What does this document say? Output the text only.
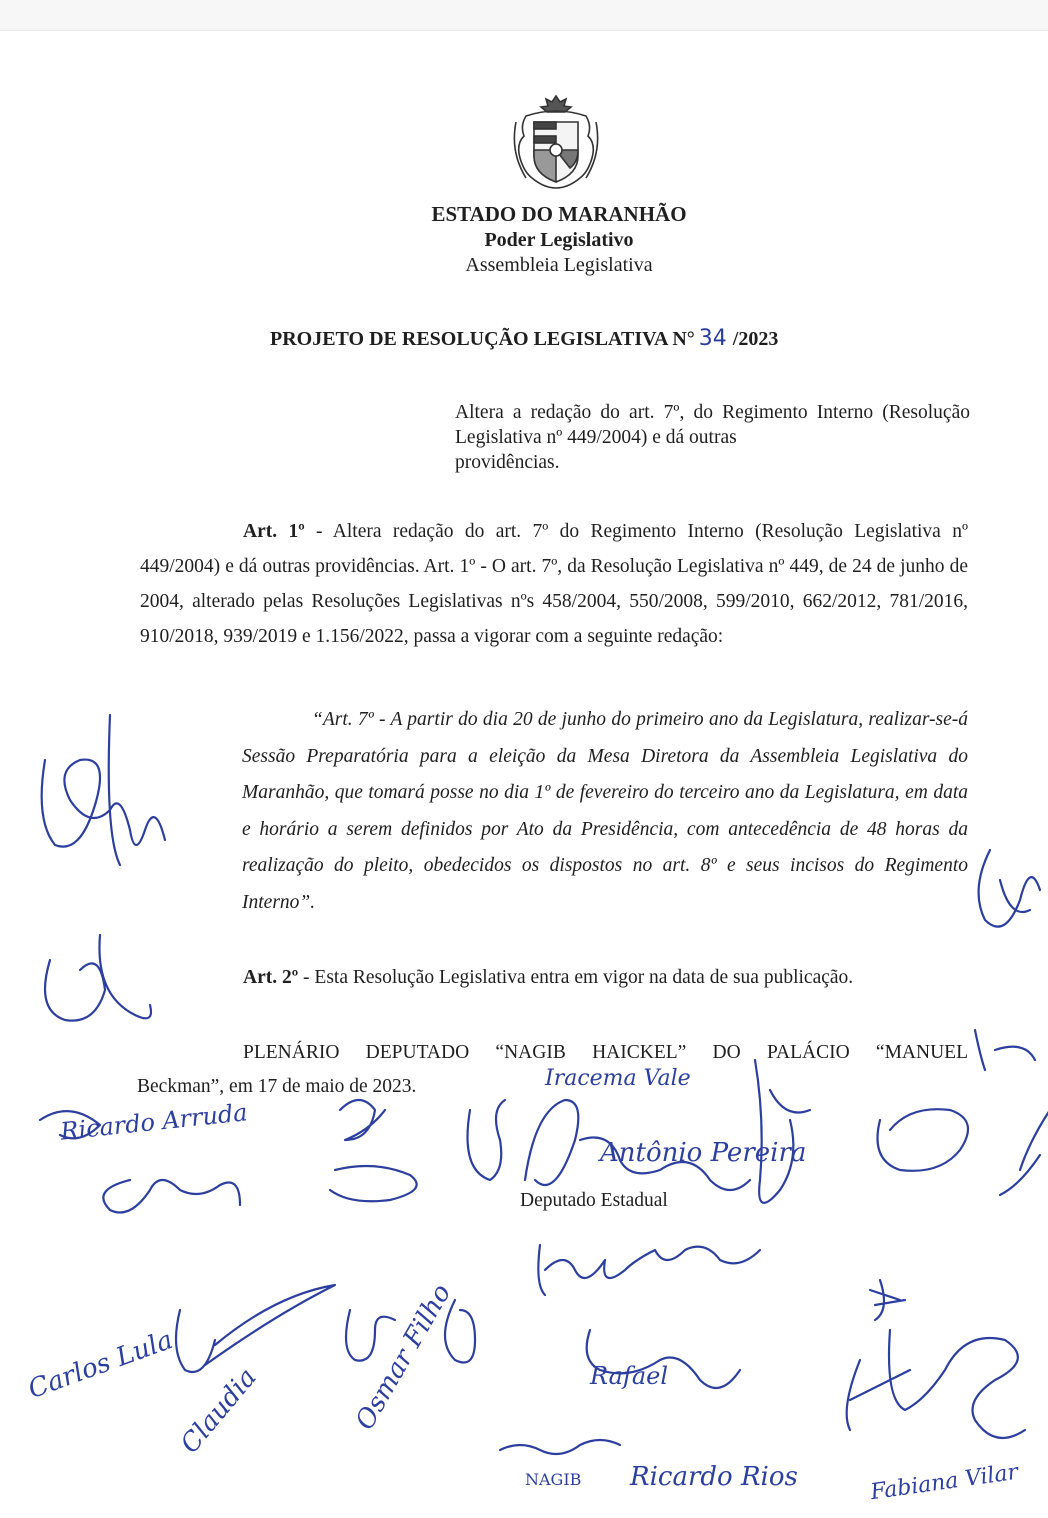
ESTADO DO MARANHÃO
Poder Legislativo
Assembleia Legislativa
PROJETO DE RESOLUÇÃO LEGISLATIVA N° 34 /2023
Altera a redação do art. 7º, do Regimento Interno (Resolução Legislativa nº 449/2004) e dá outras
providências.
Art. 1º - Altera redação do art. 7º do Regimento Interno (Resolução Legislativa nº 449/2004) e dá outras providências. Art. 1º - O art. 7º, da Resolução Legislativa nº 449, de 24 de junho de 2004, alterado pelas Resoluções Legislativas nºs 458/2004, 550/2008, 599/2010, 662/2012, 781/2016, 910/2018, 939/2019 e 1.156/2022, passa a vigorar com a seguinte redação:
“Art. 7º - A partir do dia 20 de junho do primeiro ano da Legislatura, realizar-se-á Sessão Preparatória para a eleição da Mesa Diretora da Assembleia Legislativa do Maranhão, que tomará posse no dia 1º de fevereiro do terceiro ano da Legislatura, em data e horário a serem definidos por Ato da Presidência, com antecedência de 48 horas da realização do pleito, obedecidos os dispostos no art. 8º e seus incisos do Regimento Interno”.
Art. 2º - Esta Resolução Legislativa entra em vigor na data de sua publicação.
PLENÁRIO DEPUTADO “NAGIB HAICKEL” DO PALÁCIO “MANUEL
Beckman”, em 17 de maio de 2023.
Deputado Estadual
Ricardo Arruda
Carlos Lula	Osmar Filho
NAGIB Ricardo Rios	Fabiana Vilar
Antônio Pereira
Iracema Vale
Claudia	Rafael
